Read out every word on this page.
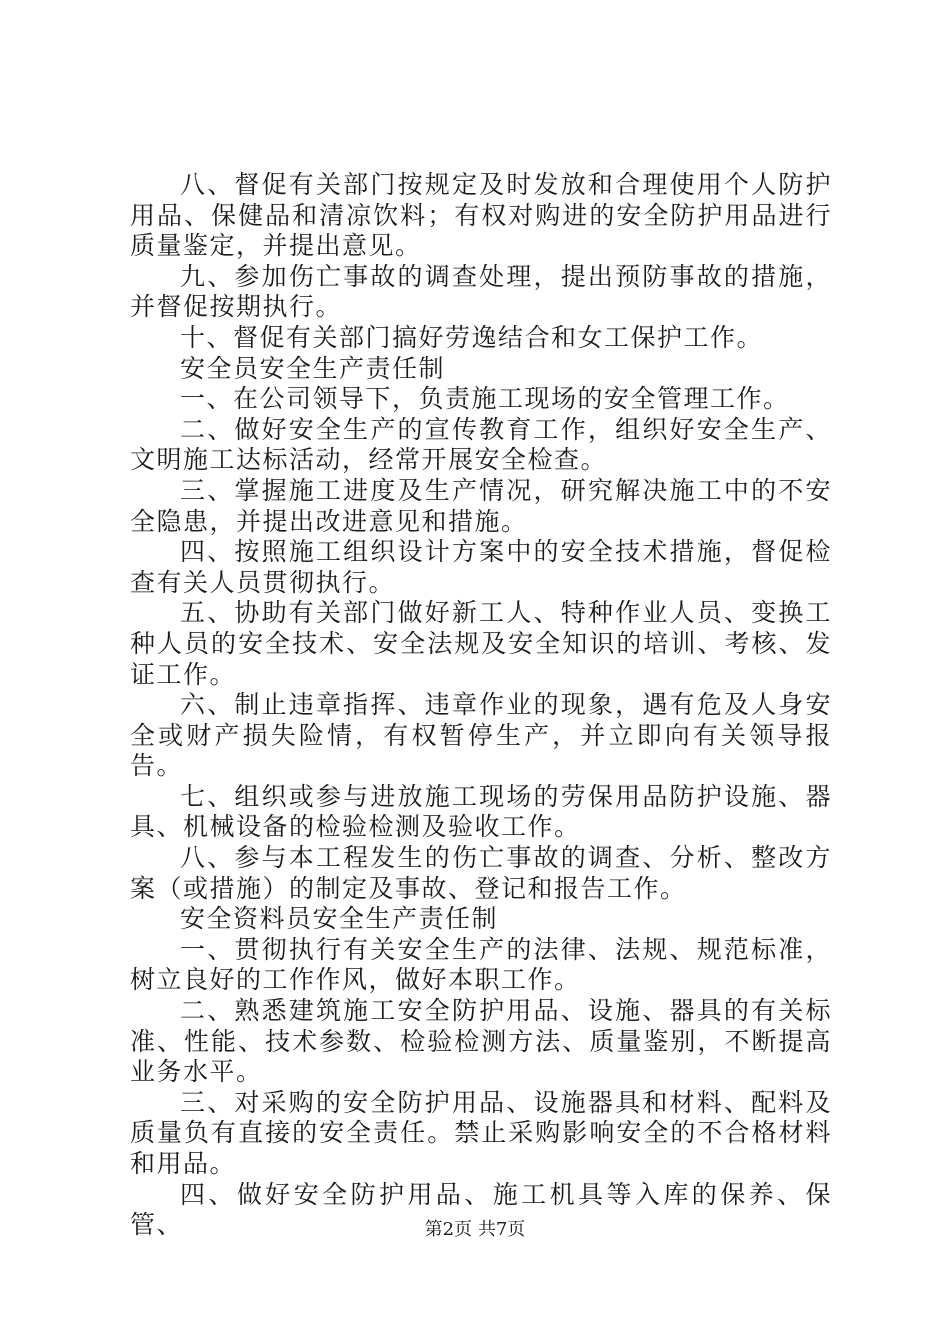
八、督促有关部门按规定及时发放和合理使用个人防护用品、保健品和清凉饮料；有权对购进的安全防护用品进行质量鉴定，并提出意见。

九、参加伤亡事故的调查处理，提出预防事故的措施，并督促按期执行。

十、督促有关部门搞好劳逸结合和女工保护工作。

安全员安全生产责任制

一、在公司领导下，负责施工现场的安全管理工作。

二、做好安全生产的宣传教育工作，组织好安全生产、文明施工达标活动，经常开展安全检查。

三、掌握施工进度及生产情况，研究解决施工中的不安全隐患，并提出改进意见和措施。

四、按照施工组织设计方案中的安全技术措施，督促检查有关人员贯彻执行。

五、协助有关部门做好新工人、特种作业人员、变换工种人员的安全技术、安全法规及安全知识的培训、考核、发证工作。

六、制止违章指挥、违章作业的现象，遇有危及人身安全或财产损失险情，有权暂停生产，并立即向有关领导报告。

七、组织或参与进放施工现场的劳保用品防护设施、器具、机械设备的检验检测及验收工作。

八、参与本工程发生的伤亡事故的调查、分析、整改方案（或措施）的制定及事故、登记和报告工作。

安全资料员安全生产责任制

一、贯彻执行有关安全生产的法律、法规、规范标准，树立良好的工作作风，做好本职工作。

二、熟悉建筑施工安全防护用品、设施、器具的有关标准、性能、技术参数、检验检测方法、质量鉴别，不断提高业务水平。

三、对采购的安全防护用品、设施器具和材料、配料及质量负有直接的安全责任。禁止采购影响安全的不合格材料和用品。

四、做好安全防护用品、施工机具等入库的保养、保管、	第2页 共7页
